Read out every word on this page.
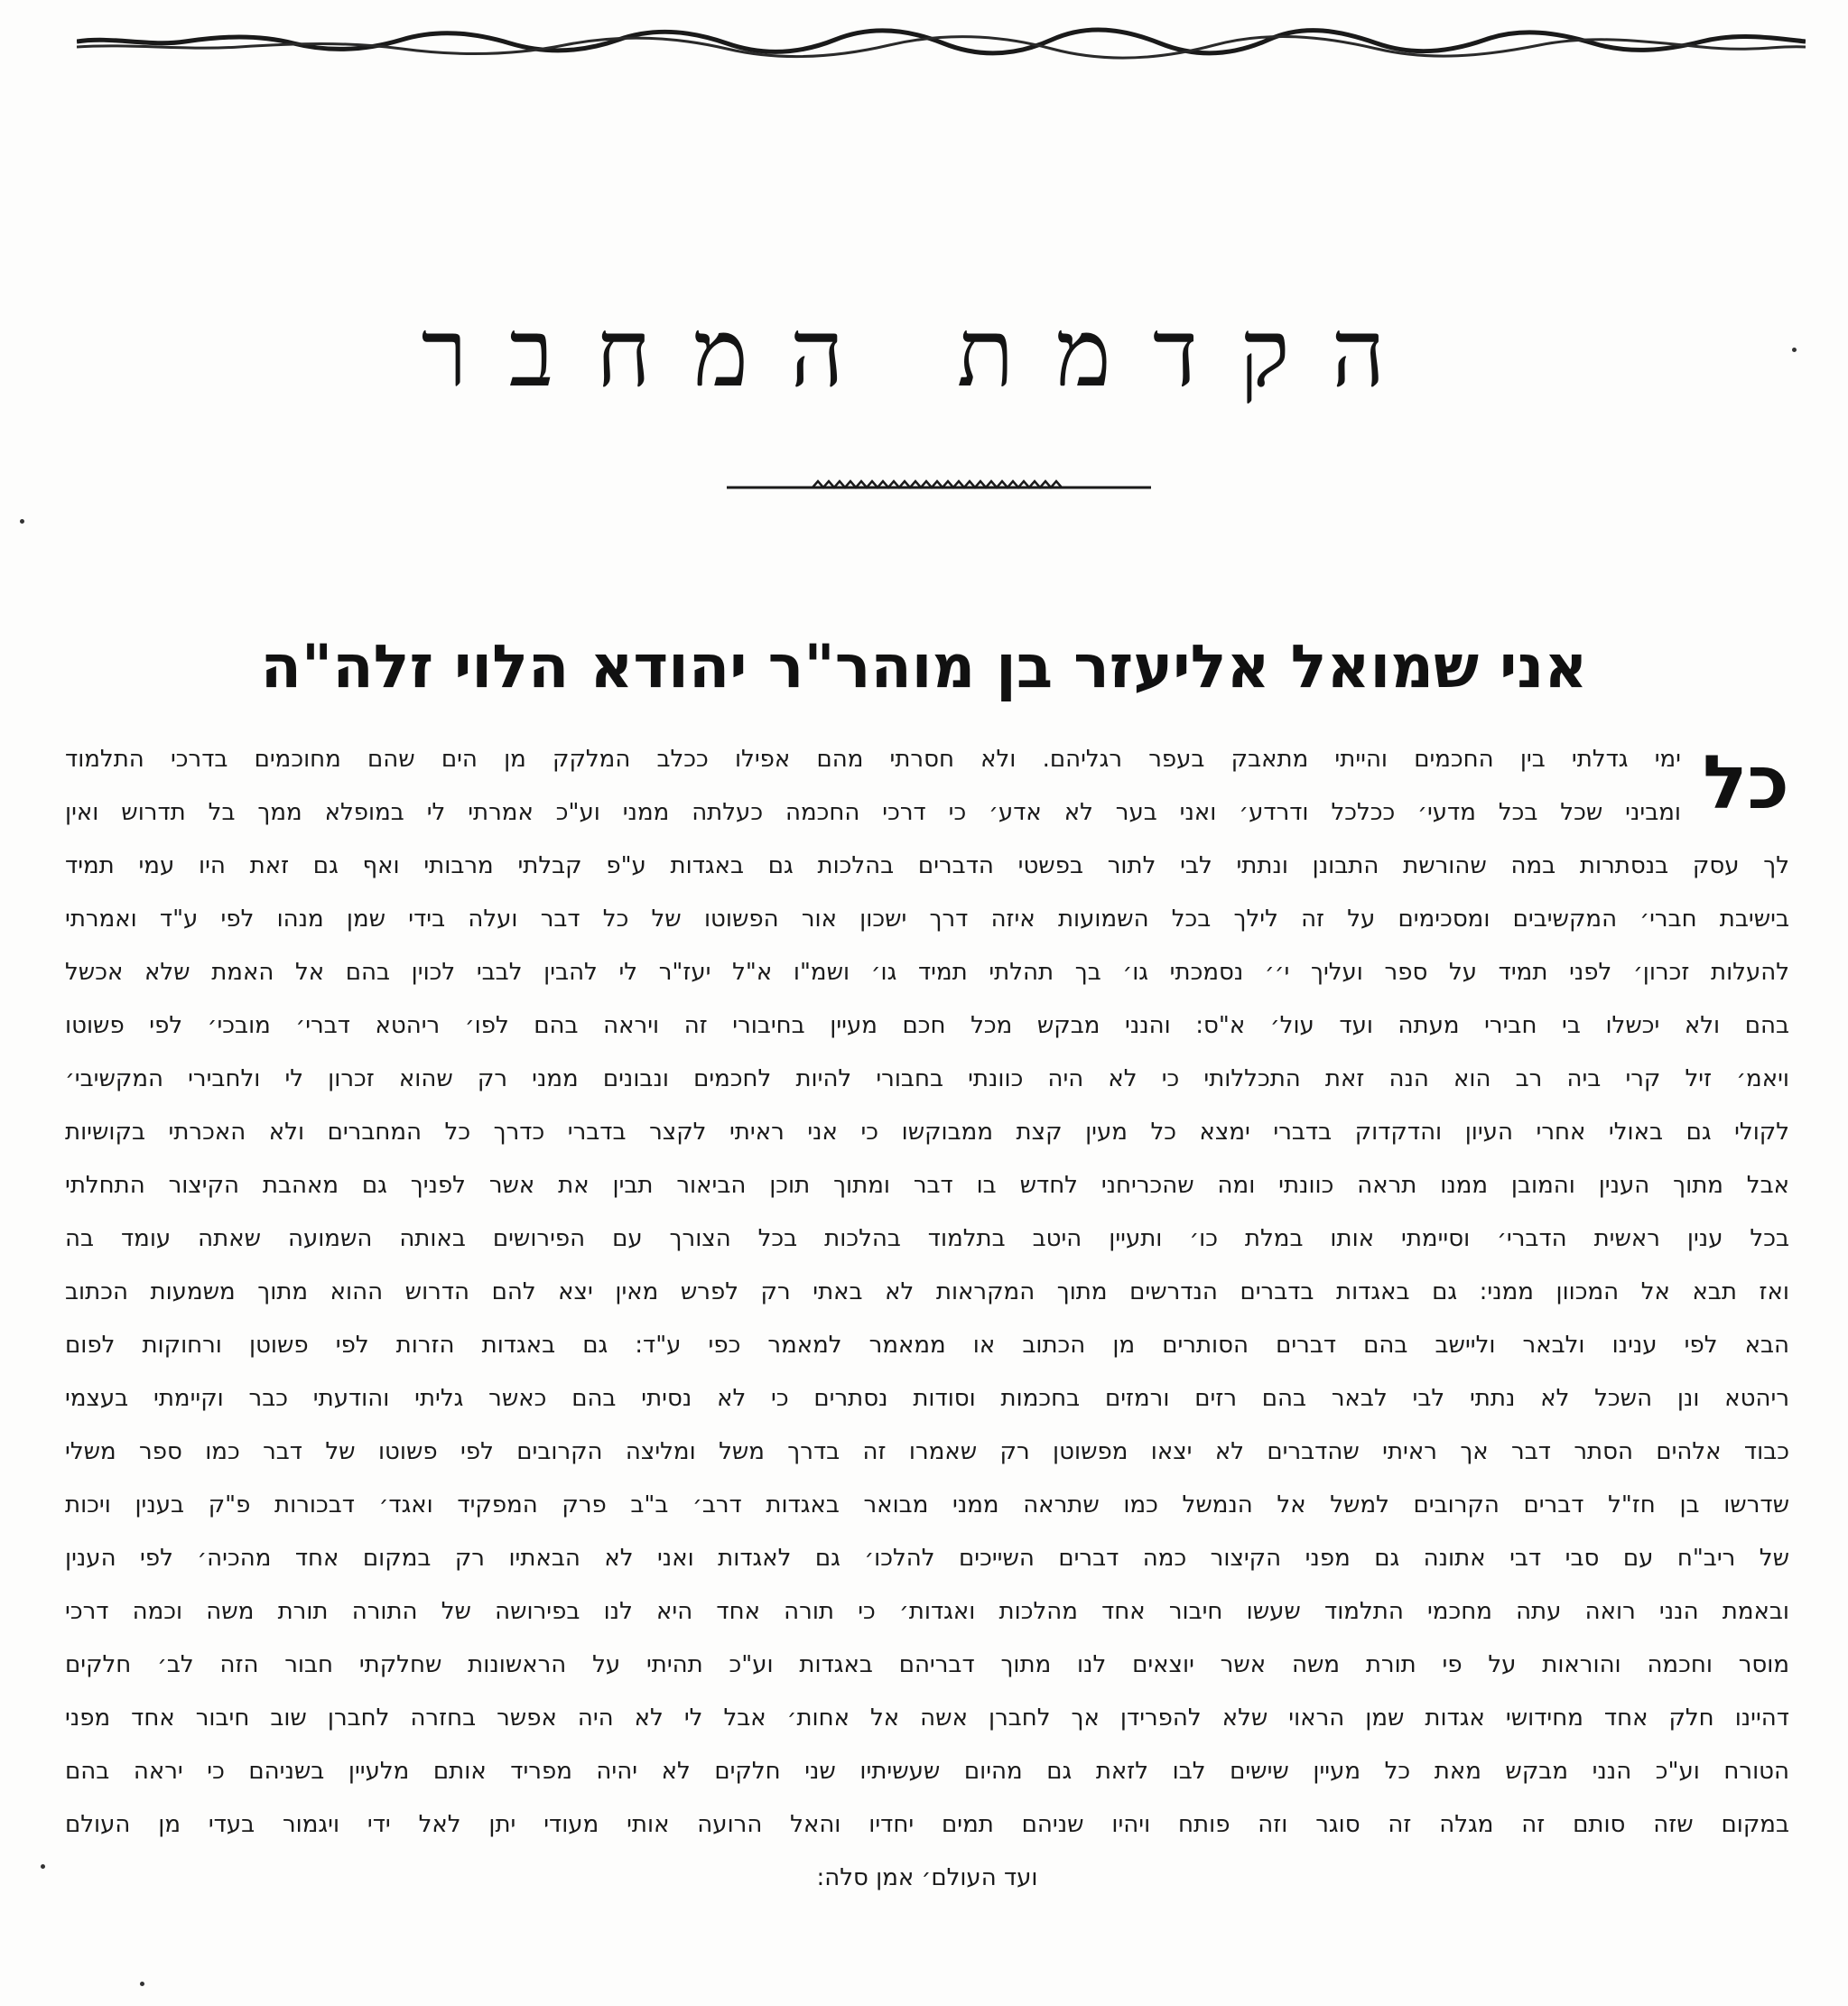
הקדמת המחבר
אני שמואל אליעזר בן מוהר"ר יהודא הלוי זלה"ה
כל
ימי גדלתי בין החכמים והייתי מתאבק בעפר רגליהם. ולא חסרתי מהם אפילו ככלב המלקק מן הים שהם מחוכמים בדרכי התלמוד
ומביני שכל בכל מדעי׳ ככלכל ודרדע׳ ואני בער לא אדע׳ כי דרכי החכמה כעלתה ממני וע"כ אמרתי לי במופלא ממך בל תדרוש ואין
לך עסק בנסתרות במה שהורשת התבונן ונתתי לבי לתור בפשטי הדברים בהלכות גם באגדות ע"פ קבלתי מרבותי ואף גם זאת היו עמי תמיד
בישיבת חברי׳ המקשיבים ומסכימים על זה לילך בכל השמועות איזה דרך ישכון אור הפשוטו של כל דבר ועלה בידי שמן מנהו לפי ע"ד ואמרתי
להעלות זכרון׳ לפני תמיד על ספר ועליך י׳׳ נסמכתי גו׳ בך תהלתי תמיד גו׳ ושמ"ו א"ל יעז"ר לי להבין לבבי לכוין בהם אל האמת שלא אכשל
בהם ולא יכשלו בי חבירי מעתה ועד עול׳ א"ס: והנני מבקש מכל חכם מעיין בחיבורי זה ויראה בהם לפו׳ ריהטא דברי׳ מובכי׳ לפי פשוטו
ויאמ׳ זיל קרי ביה רב הוא הנה זאת התכללותי כי לא היה כוונתי בחבורי להיות לחכמים ונבונים ממני רק שהוא זכרון לי ולחבירי המקשיבי׳
לקולי גם באולי אחרי העיון והדקדוק בדברי ימצא כל מעין קצת ממבוקשו כי אני ראיתי לקצר בדברי כדרך כל המחברים ולא האכרתי בקושיות
אבל מתוך הענין והמובן ממנו תראה כוונתי ומה שהכריחני לחדש בו דבר ומתוך תוכן הביאור תבין את אשר לפניך גם מאהבת הקיצור התחלתי
בכל ענין ראשית הדברי׳ וסיימתי אותו במלת כו׳ ותעיין היטב בתלמוד בהלכות בכל הצורך עם הפירושים באותה השמועה שאתה עומד בה
ואז תבא אל המכוון ממני: גם באגדות בדברים הנדרשים מתוך המקראות לא באתי רק לפרש מאין יצא להם הדרוש ההוא מתוך משמעות הכתוב
הבא לפי ענינו ולבאר וליישב בהם דברים הסותרים מן הכתוב או ממאמר למאמר כפי ע"ד: גם באגדות הזרות לפי פשוטן ורחוקות לפום
ריהטא ונן השכל לא נתתי לבי לבאר בהם רזים ורמזים בחכמות וסודות נסתרים כי לא נסיתי בהם כאשר גליתי והודעתי כבר וקיימתי בעצמי
כבוד אלהים הסתר דבר אך ראיתי שהדברים לא יצאו מפשוטן רק שאמרו זה בדרך משל ומליצה הקרובים לפי פשוטו של דבר כמו ספר משלי
שדרשו בן חז"ל דברים הקרובים למשל אל הנמשל כמו שתראה ממני מבואר באגדות דרב׳ ב"ב פרק המפקיד ואגד׳ דבכורות פ"ק בענין ויכות
של ריב"ח עם סבי דבי אתונה גם מפני הקיצור כמה דברים השייכים להלכו׳ גם לאגדות ואני לא הבאתיו רק במקום אחד מהכיה׳ לפי הענין
ובאמת הנני רואה עתה מחכמי התלמוד שעשו חיבור אחד מהלכות ואגדות׳ כי תורה אחד היא לנו בפירושה של התורה תורת משה וכמה דרכי
מוסר וחכמה והוראות על פי תורת משה אשר יוצאים לנו מתוך דבריהם באגדות וע"כ תהיתי על הראשונות שחלקתי חבור הזה לב׳ חלקים
דהיינו חלק אחד מחידושי אגדות שמן הראוי שלא להפרידן אך לחברן אשה אל אחות׳ אבל לי לא היה אפשר בחזרה לחברן שוב חיבור אחד מפני
הטורח וע"כ הנני מבקש מאת כל מעיין שישים לבו לזאת גם מהיום שעשיתיו שני חלקים לא יהיה מפריד אותם מלעיין בשניהם כי יראה בהם
במקום שזה סותם זה מגלה זה סוגר וזה פותח ויהיו שניהם תמים יחדיו והאל הרועה אותי מעודי יתן לאל ידי ויגמור בעדי מן העולם
ועד העולם׳ אמן סלה:
